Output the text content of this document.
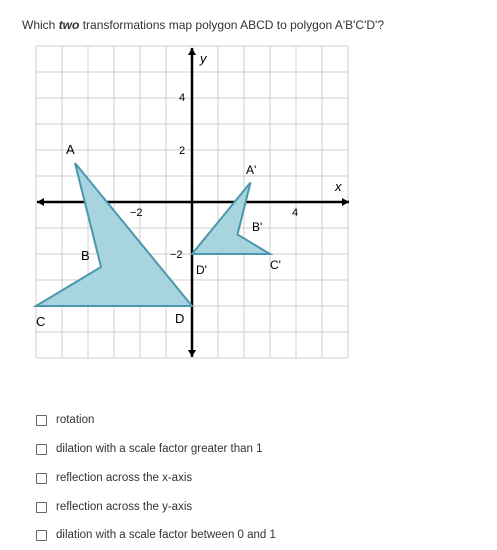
Which two transformations map polygon ABCD to polygon A'B'C'D'?
y
x
4
2
−2
−2	4
A
B
C	D
A'
B'
C'
D'
rotation
dilation with a scale factor greater than 1
reflection across the x-axis
reflection across the y-axis
dilation with a scale factor between 0 and 1
